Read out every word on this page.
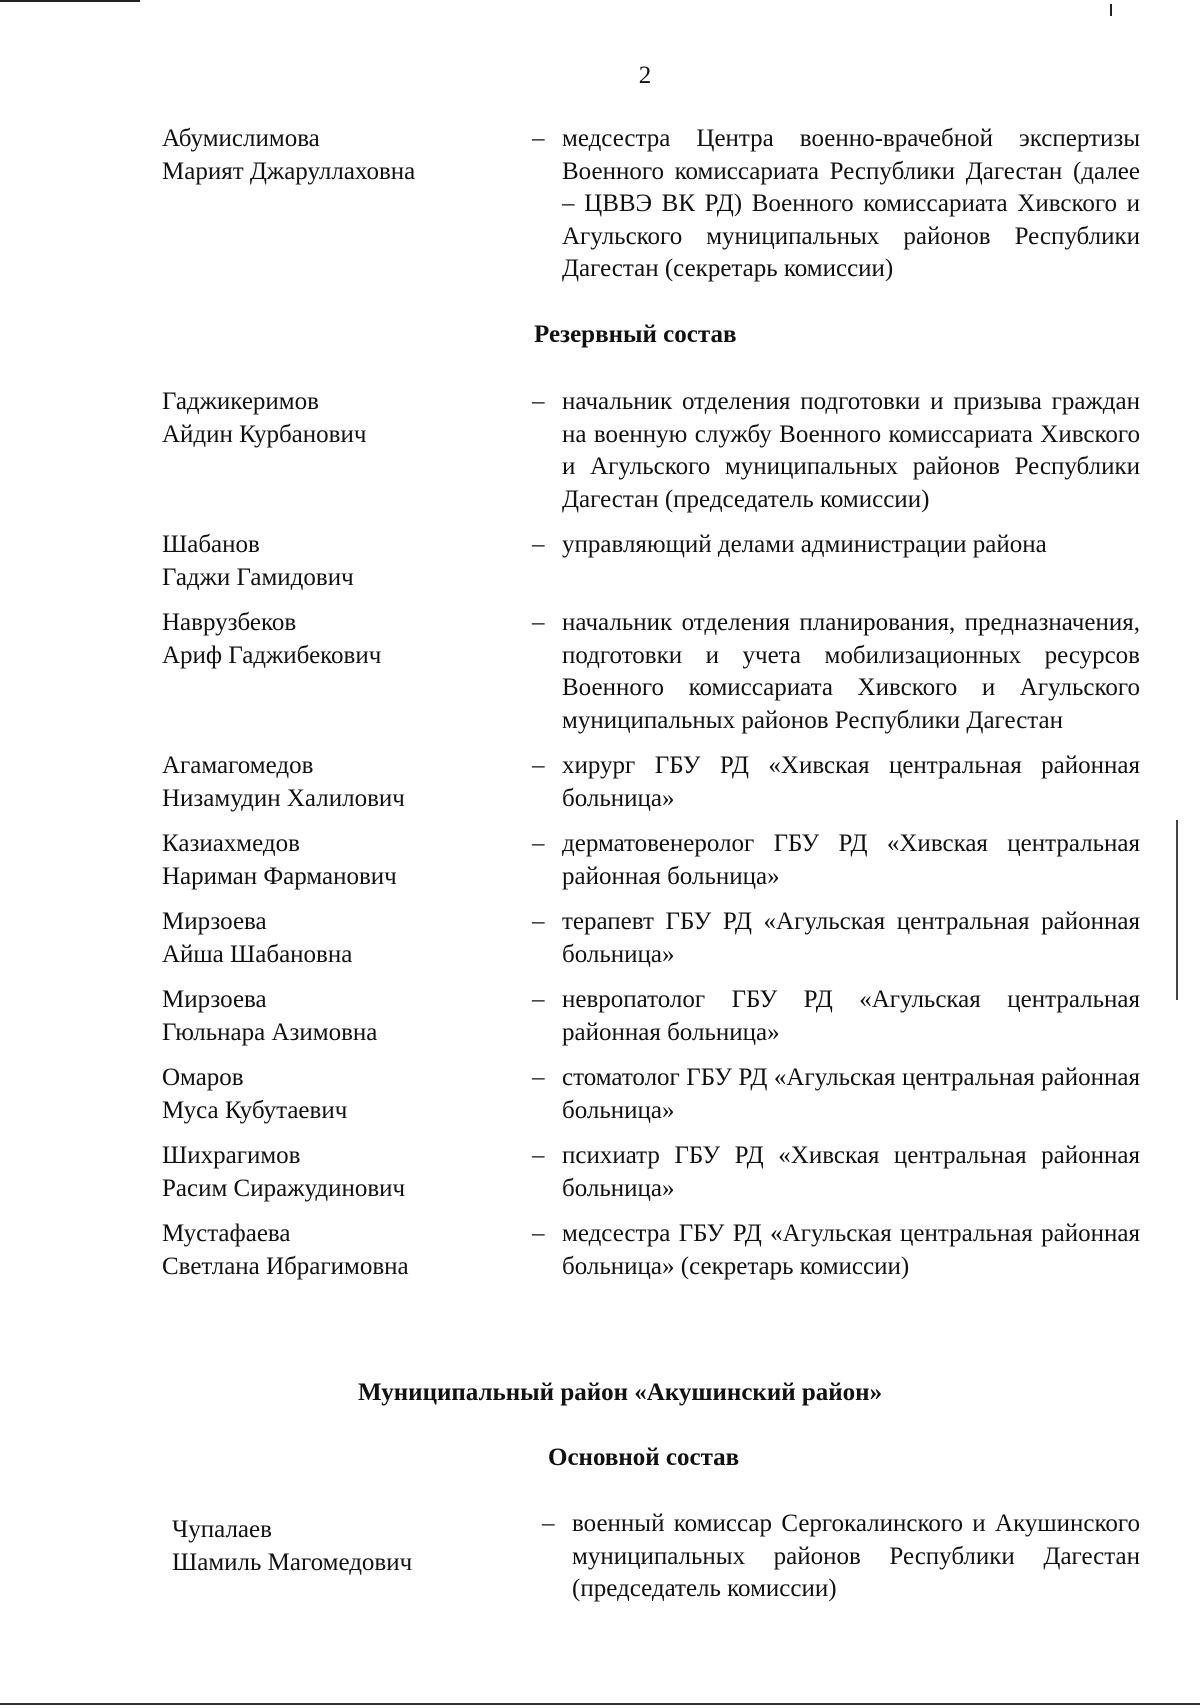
2
Абумислимова
Марият Джаруллаховна
– медсестра Центра военно-врачебной экспертизы Военного комиссариата Республики Дагестан (далее – ЦВВЭ ВК РД) Военного комиссариата Хивского и Агульского муниципальных районов Республики Дагестан (секретарь комиссии)
Резервный состав
Гаджикеримов
Айдин Курбанович
– начальник отделения подготовки и призыва граждан на военную службу Военного комиссариата Хивского и Агульского муниципальных районов Республики Дагестан (председатель комиссии)
Шабанов
Гаджи Гамидович
– управляющий делами администрации района
Наврузбеков
Ариф Гаджибекович
– начальник отделения планирования, предназначения, подготовки и учета мобилизационных ресурсов Военного комиссариата Хивского и Агульского муниципальных районов Республики Дагестан
Агамагомедов
Низамудин Халилович
– хирург ГБУ РД «Хивская центральная районная больница»
Казиахмедов
Нариман Фарманович
– дерматовенеролог ГБУ РД «Хивская центральная районная больница»
Мирзоева
Айша Шабановна
– терапевт ГБУ РД «Агульская центральная районная больница»
Мирзоева
Гюльнара Азимовна
– невропатолог ГБУ РД «Агульская центральная районная больница»
Омаров
Муса Кубутаевич
– стоматолог ГБУ РД «Агульская центральная районная больница»
Шихрагимов
Расим Сиражудинович
– психиатр ГБУ РД «Хивская центральная районная больница»
Мустафаева
Светлана Ибрагимовна
– медсестра ГБУ РД «Агульская центральная районная больница» (секретарь комиссии)
Муниципальный район «Акушинский район»
Основной состав
Чупалаев
Шамиль Магомедович
– военный комиссар Сергокалинского и Акушинского муниципальных районов Республики Дагестан (председатель комиссии)
